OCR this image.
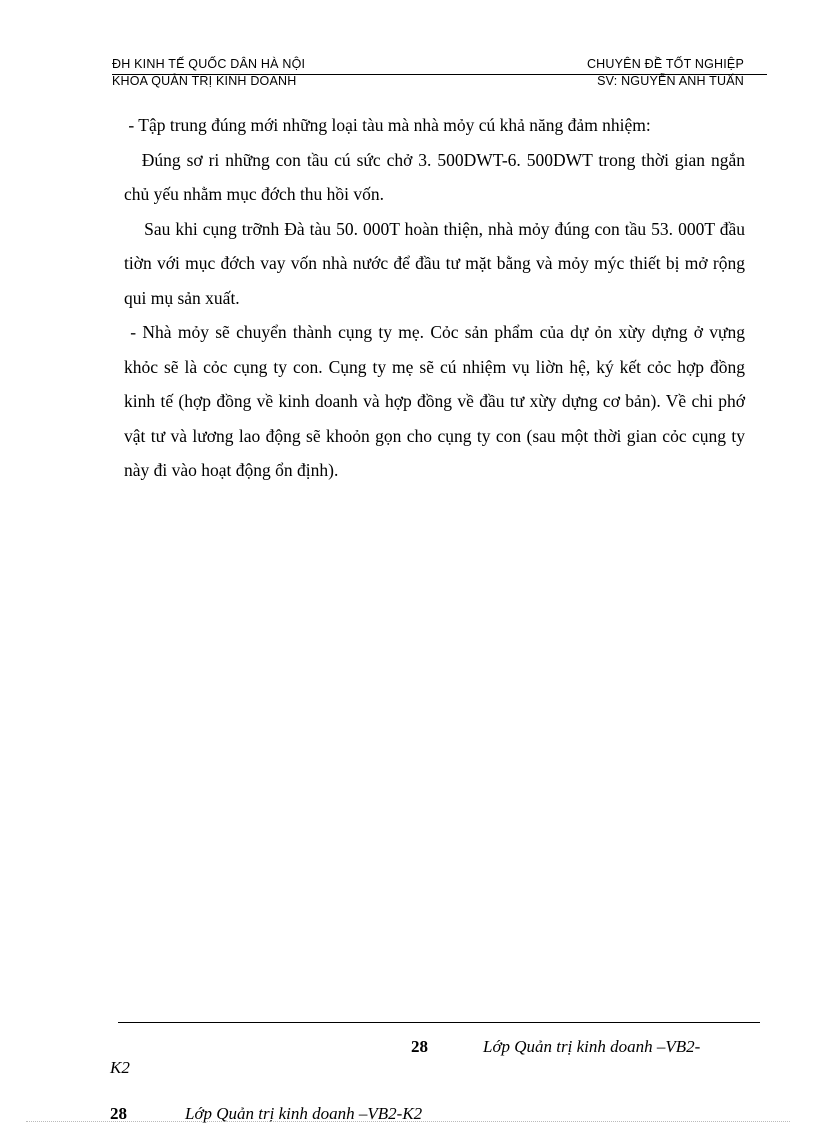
ĐH KINH TẾ QUỐC DÂN HÀ NỘI
KHOA QUẢN TRỊ KINH DOANH
CHUYÊN ĐỀ TỐT NGHIỆP
SV: NGUYỄN ANH TUẤN

- Tập trung đúng mới những loại tàu mà nhà mỏy cú khả năng đảm nhiệm:

Đúng sơ ri những con tầu cú sức chở 3. 500DWT-6. 500DWT trong thời gian ngắn chủ yếu nhằm mục đớch thu hồi vốn.

Sau khi cụng trỡnh Đà tàu 50. 000T hoàn thiện, nhà mỏy đúng con tầu 53. 000T đầu tiờn với mục đớch vay vốn nhà nước để đầu tư mặt bằng và mỏy mýc thiết bị mở rộng qui mụ sản xuất.

- Nhà mỏy sẽ chuyển thành cụng ty mẹ. Cỏc sản phẩm của dự ỏn xừy dựng ở vựng khỏc sẽ là cỏc cụng ty con. Cụng ty mẹ sẽ cú nhiệm vụ liờn hệ, ký kết cỏc hợp đồng kinh tế (hợp đồng về kinh doanh và hợp đồng về đầu tư xừy dựng cơ bản). Về chi phớ vật tư và lương lao động sẽ khoỏn gọn cho cụng ty con (sau một thời gian cỏc cụng ty này đi vào hoạt động ổn định).

28	Lớp Quản trị kinh doanh –VB2-
K2
28	Lớp Quản trị kinh doanh –VB2-K2
